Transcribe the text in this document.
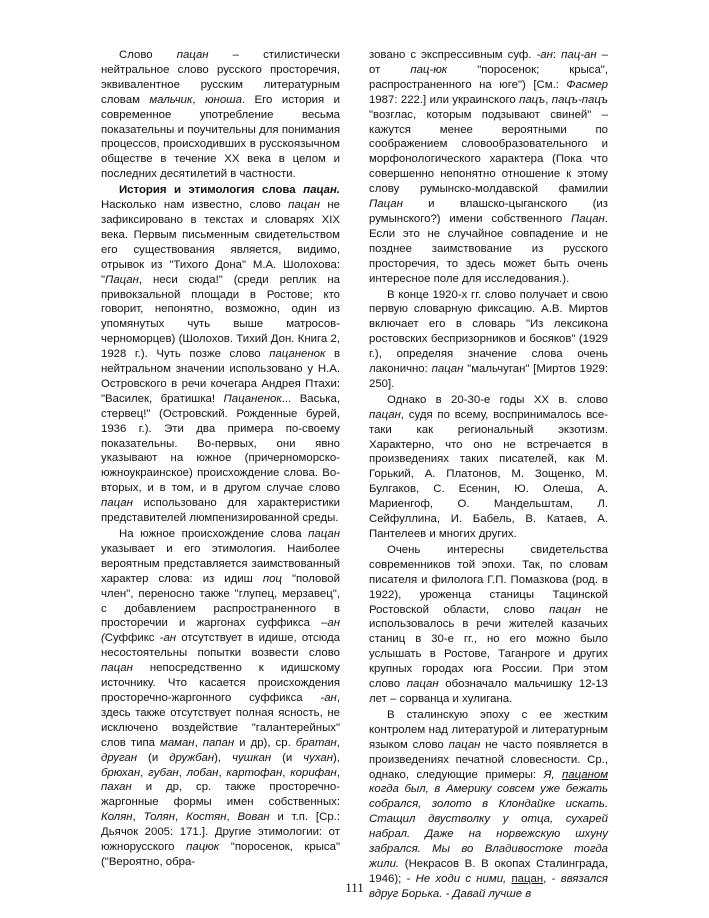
Слово пацан – стилистически нейтральное слово русского просторечия, эквивалентное русским литературным словам мальчик, юноша. Его история и современное употребление весьма показательны и поучительны для понимания процессов, происходивших в русскоязычном обществе в течение XX века в целом и последних десятилетий в частности.

История и этимология слова пацан. Насколько нам известно, слово пацан не зафиксировано в текстах и словарях XIX века. Первым письменным свидетельством его существования является, видимо, отрывок из "Тихого Дона" М.А. Шолохова: "Пацан, неси сюда!" (среди реплик на привокзальной площади в Ростове; кто говорит, непонятно, возможно, один из упомянутых чуть выше матросов-черноморцев) (Шолохов. Тихий Дон. Книга 2, 1928 г.). Чуть позже слово пацаненок в нейтральном значении использовано у Н.А. Островского в речи кочегара Андрея Птахи: "Василек, братишка! Пацаненок... Васька, стервец!" (Островский. Рожденные бурей, 1936 г.). Эти два примера по-своему показательны. Во-первых, они явно указывают на южное (причерноморско-южноукраинское) происхождение слова. Во-вторых, и в том, и в другом случае слово пацан использовано для характеристики представителей люмпенизированной среды.

На южное происхождение слова пацан указывает и его этимология. Наиболее вероятным представляется заимствованный характер слова: из идиш поц "половой член", переносно также "глупец, мерзавец", с добавлением распространенного в просторечии и жаргонах суффикса –ан (Суффикс -ан отсутствует в идише, отсюда несостоятельны попытки возвести слово пацан непосредственно к идишскому источнику. Что касается происхождения просторечно-жаргонного суффикса -ан, здесь также отсутствует полная ясность, не исключено воздействие "галантерейных" слов типа маман, папан и др), ср. братан, друган (и дружбан), чушкан (и чухан), брюхан, губан, лобан, картофан, корифан, пахан и др, ср. также просторечно-жаргонные формы имен собственных: Колян, Толян, Костян, Вован и т.п. [Ср.: Дьячок 2005: 171.]. Другие этимологии: от южнорусского пацюк "поросенок, крыса" ("Вероятно, обра-

зовано с экспрессивным суф. -ан: пац-ан – от пац-юк "поросенок; крыса", распространенного на юге") [См.: Фасмер 1987: 222.] или украинского пацъ, пацъ-пацъ "возглас, которым подзывают свиней" – кажутся менее вероятными по соображением словообразовательного и морфонологического характера (Пока что совершенно непонятно отношение к этому слову румынско-молдавской фамилии Пацан и влашско-цыганского (из румынского?) имени собственного Пацан. Если это не случайное совпадение и не позднее заимствование из русского просторечия, то здесь может быть очень интересное поле для исследования.).

В конце 1920-х гг. слово получает и свою первую словарную фиксацию. А.В. Миртов включает его в словарь "Из лексикона ростовских беспризорников и босяков" (1929 г.), определяя значение слова очень лаконично: пацан "мальчуган" [Миртов 1929: 250].

Однако в 20-30-е годы XX в. слово пацан, судя по всему, воспринималось все-таки как региональный экзотизм. Характерно, что оно не встречается в произведениях таких писателей, как М. Горький, А. Платонов, М. Зощенко, М. Булгаков, С. Есенин, Ю. Олеша, А. Мариенгоф, О. Мандельштам, Л. Сейфуллина, И. Бабель, В. Катаев, А. Пантелеев и многих других.

Очень интересны свидетельства современников той эпохи. Так, по словам писателя и филолога Г.П. Помазкова (род. в 1922), уроженца станицы Тацинской Ростовской области, слово пацан не использовалось в речи жителей казачьих станиц в 30-е гг., но его можно было услышать в Ростове, Таганроге и других крупных городах юга России. При этом слово пацан обозначало мальчишку 12-13 лет – сорванца и хулигана.

В сталинскую эпоху с ее жестким контролем над литературой и литературным языком слово пацан не часто появляется в произведениях печатной словесности. Ср., однако, следующие примеры: Я, пацаном когда был, в Америку совсем уже бежать собрался, золото в Клондайке искать. Стащил двустволку у отца, сухарей набрал. Даже на норвежскую шхуну забрался. Мы во Владивостоке тогда жили. (Некрасов В. В окопах Сталинграда, 1946); - Не ходи с ними, пацан, - ввязался вдруг Борька. - Давай лучше в

111
